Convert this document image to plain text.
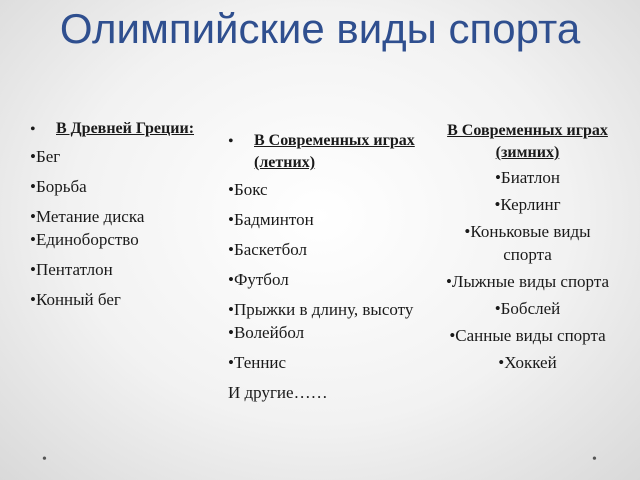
Олимпийские виды спорта
•	В Древней Греции:
•Бег
•Борьба
•Метание диска
•Единоборство
•Пентатлон
•Конный бег
•	В Современных играх (летних)
•Бокс
•Бадминтон
•Баскетбол
•Футбол
•Прыжки в длину, высоту •Волейбол
•Теннис
И другие……
В Современных играх (зимних)
•Биатлон
•Керлинг
•Коньковые виды спорта
•Лыжные виды спорта
•Бобслей
•Санные виды спорта
•Хоккей
•	•
